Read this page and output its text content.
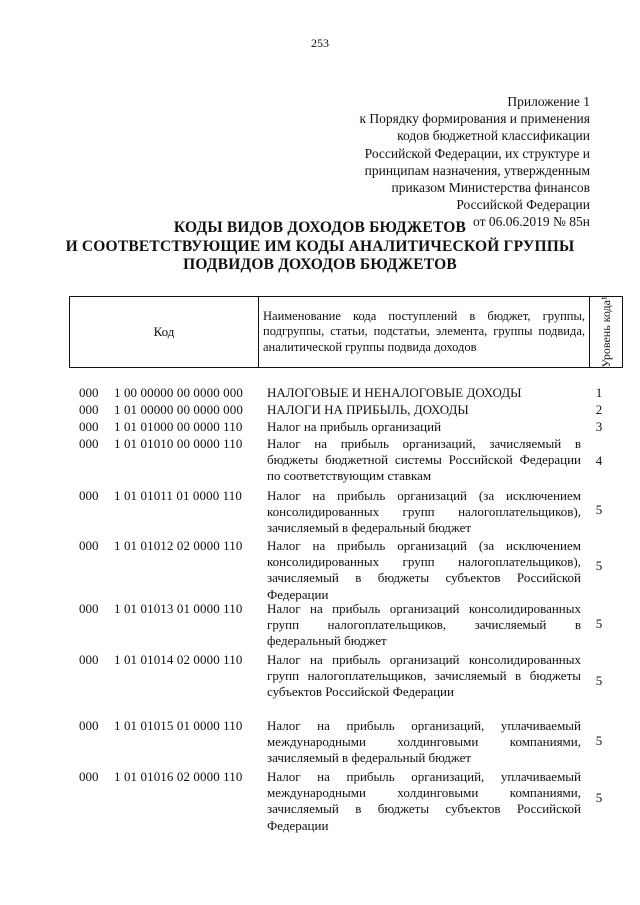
253
Приложение 1
к Порядку формирования и применения
кодов бюджетной классификации
Российской Федерации, их структуре и
принципам назначения, утвержденным
приказом Министерства финансов
Российской Федерации
от 06.06.2019 № 85н
КОДЫ ВИДОВ ДОХОДОВ БЮДЖЕТОВ
И СООТВЕТСТВУЮЩИЕ ИМ КОДЫ АНАЛИТИЧЕСКОЙ ГРУППЫ
ПОДВИДОВ ДОХОДОВ БЮДЖЕТОВ
Код	Наименование кода поступлений в бюджет, группы, подгруппы, статьи, подстатьи, элемента, группы подвида, аналитической группы подвида доходов	Уровень кода¹
000 1 00 00000 00 0000 000 НАЛОГОВЫЕ И НЕНАЛОГОВЫЕ ДОХОДЫ	1
000 1 01 00000 00 0000 000 НАЛОГИ НА ПРИБЫЛЬ, ДОХОДЫ	2
000 1 01 01000 00 0000 110 Налог на прибыль организаций	3
000 1 01 01010 00 0000 110 Налог на прибыль организаций, зачисляемый в бюджеты бюджетной системы Российской Федерации по соответствующим ставкам
4
000 1 01 01011 01 0000 110 Налог на прибыль организаций (за исключением консолидированных групп налогоплательщиков), зачисляемый в федеральный бюджет
5
000 1 01 01012 02 0000 110 Налог на прибыль организаций (за исключением консолидированных групп налогоплательщиков), зачисляемый в бюджеты субъектов Российской Федерации
5
000 1 01 01013 01 0000 110 Налог на прибыль организаций консолидированных групп налогоплательщиков, зачисляемый в федеральный бюджет
5
000 1 01 01014 02 0000 110 Налог на прибыль организаций консолидированных групп налогоплательщиков, зачисляемый в бюджеты субъектов Российской Федерации
5
000 1 01 01015 01 0000 110 Налог на прибыль организаций, уплачиваемый международными холдинговыми компаниями, зачисляемый в федеральный бюджет
5
000 1 01 01016 02 0000 110 Налог на прибыль организаций, уплачиваемый международными холдинговыми компаниями, зачисляемый в бюджеты субъектов Российской Федерации
5
